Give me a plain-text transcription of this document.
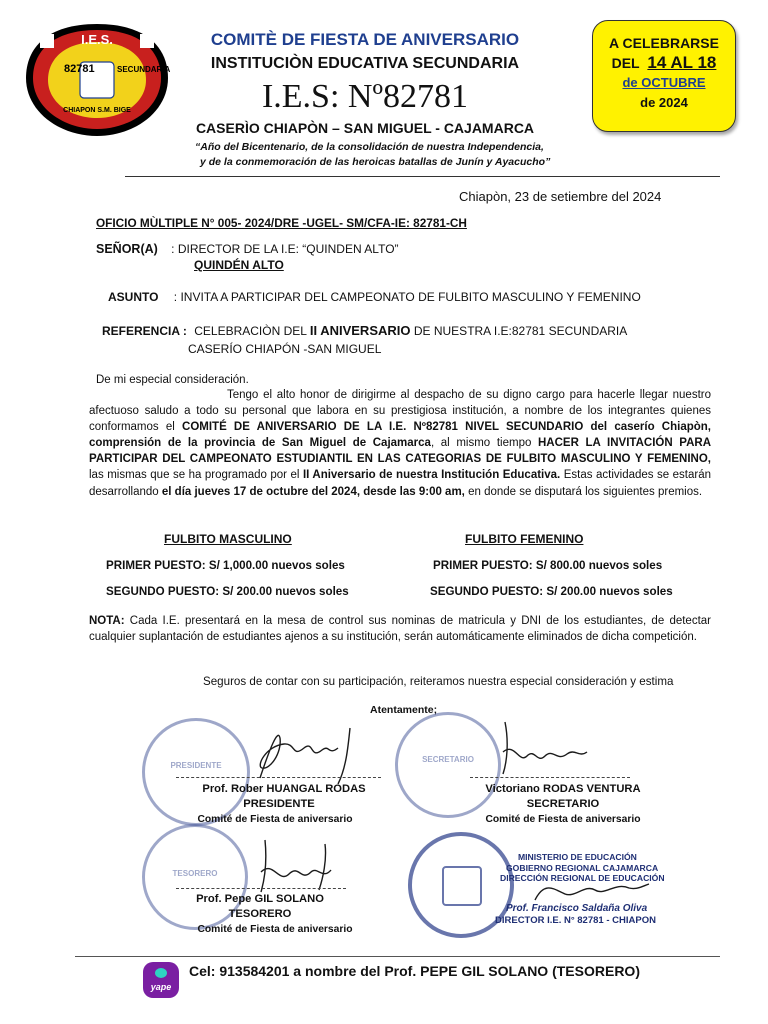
I.E.S.
82781	SECUNDARIA
CHIAPON S.M. BIGE
COMITÈ DE FIESTA DE ANIVERSARIO
INSTITUCIÒN EDUCATIVA SECUNDARIA
I.E.S: Nº82781
CASERÌO CHIAPÒN – SAN MIGUEL - CAJAMARCA
“Año del Bicentenario, de la consolidación de nuestra Independencia,
y de la conmemoración de las heroicas batallas de Junín y Ayacucho”
A CELEBRARSE
DEL 14 AL 18
de OCTUBRE
de 2024
Chiapòn, 23 de setiembre del 2024
OFICIO MÙLTIPLE N° 005- 2024/DRE -UGEL- SM/CFA-IE: 82781-CH
SEÑOR(A) : DIRECTOR DE LA I.E: “QUINDEN ALTO”
QUINDÉN ALTO
ASUNTO : INVITA A PARTICIPAR DEL CAMPEONATO DE FULBITO MASCULINO Y FEMENINO
REFERENCIA : CELEBRACIÒN DEL II ANIVERSARIO DE NUESTRA I.E:82781 SECUNDARIA
CASERÍO CHIAPÓN -SAN MIGUEL
De mi especial consideración.
Tengo el alto honor de dirigirme al despacho de su digno cargo para hacerle llegar nuestro afectuoso saludo a todo su personal que labora en su prestigiosa institución, a nombre de los integrantes quienes conformamos el COMITÉ DE ANIVERSARIO DE LA I.E. Nº82781 NIVEL SECUNDARIO del caserío Chiapòn, comprensión de la provincia de San Miguel de Cajamarca, al mismo tiempo HACER LA INVITACIÓN PARA PARTICIPAR DEL CAMPEONATO ESTUDIANTIL EN LAS CATEGORIAS DE FULBITO MASCULINO Y FEMENINO, las mismas que se ha programado por el II Aniversario de nuestra Institución Educativa. Estas actividades se estarán desarrollando el día jueves 17 de octubre del 2024, desde las 9:00 am, en donde se disputará los siguientes premios.
FULBITO MASCULINO
PRIMER PUESTO: S/ 1,000.00 nuevos soles
SEGUNDO PUESTO: S/ 200.00 nuevos soles
FULBITO FEMENINO
PRIMER PUESTO: S/ 800.00 nuevos soles
SEGUNDO PUESTO: S/ 200.00 nuevos soles
NOTA: Cada I.E. presentará en la mesa de control sus nominas de matricula y DNI de los estudiantes, de detectar cualquier suplantación de estudiantes ajenos a su institución, serán automáticamente eliminados de dicha competición.
Seguros de contar con su participación, reiteramos nuestra especial consideración y estima
Atentamente;
PRESIDENTE
SECRETARIO
TESORERO
Prof. Rober HUANGAL RODAS
PRESIDENTE
Comité de Fiesta de aniversario
Victoriano RODAS VENTURA
SECRETARIO
Comité de Fiesta de aniversario
Prof. Pepe GIL SOLANO
TESORERO
Comité de Fiesta de aniversario
MINISTERIO DE EDUCACIÓN
GOBIERNO REGIONAL CAJAMARCA
DIRECCIÓN REGIONAL DE EDUCACIÓN
Prof. Francisco Saldaña Oliva
DIRECTOR I.E. N° 82781 - CHIAPON
yape
Cel: 913584201 a nombre del Prof. PEPE GIL SOLANO (TESORERO)
